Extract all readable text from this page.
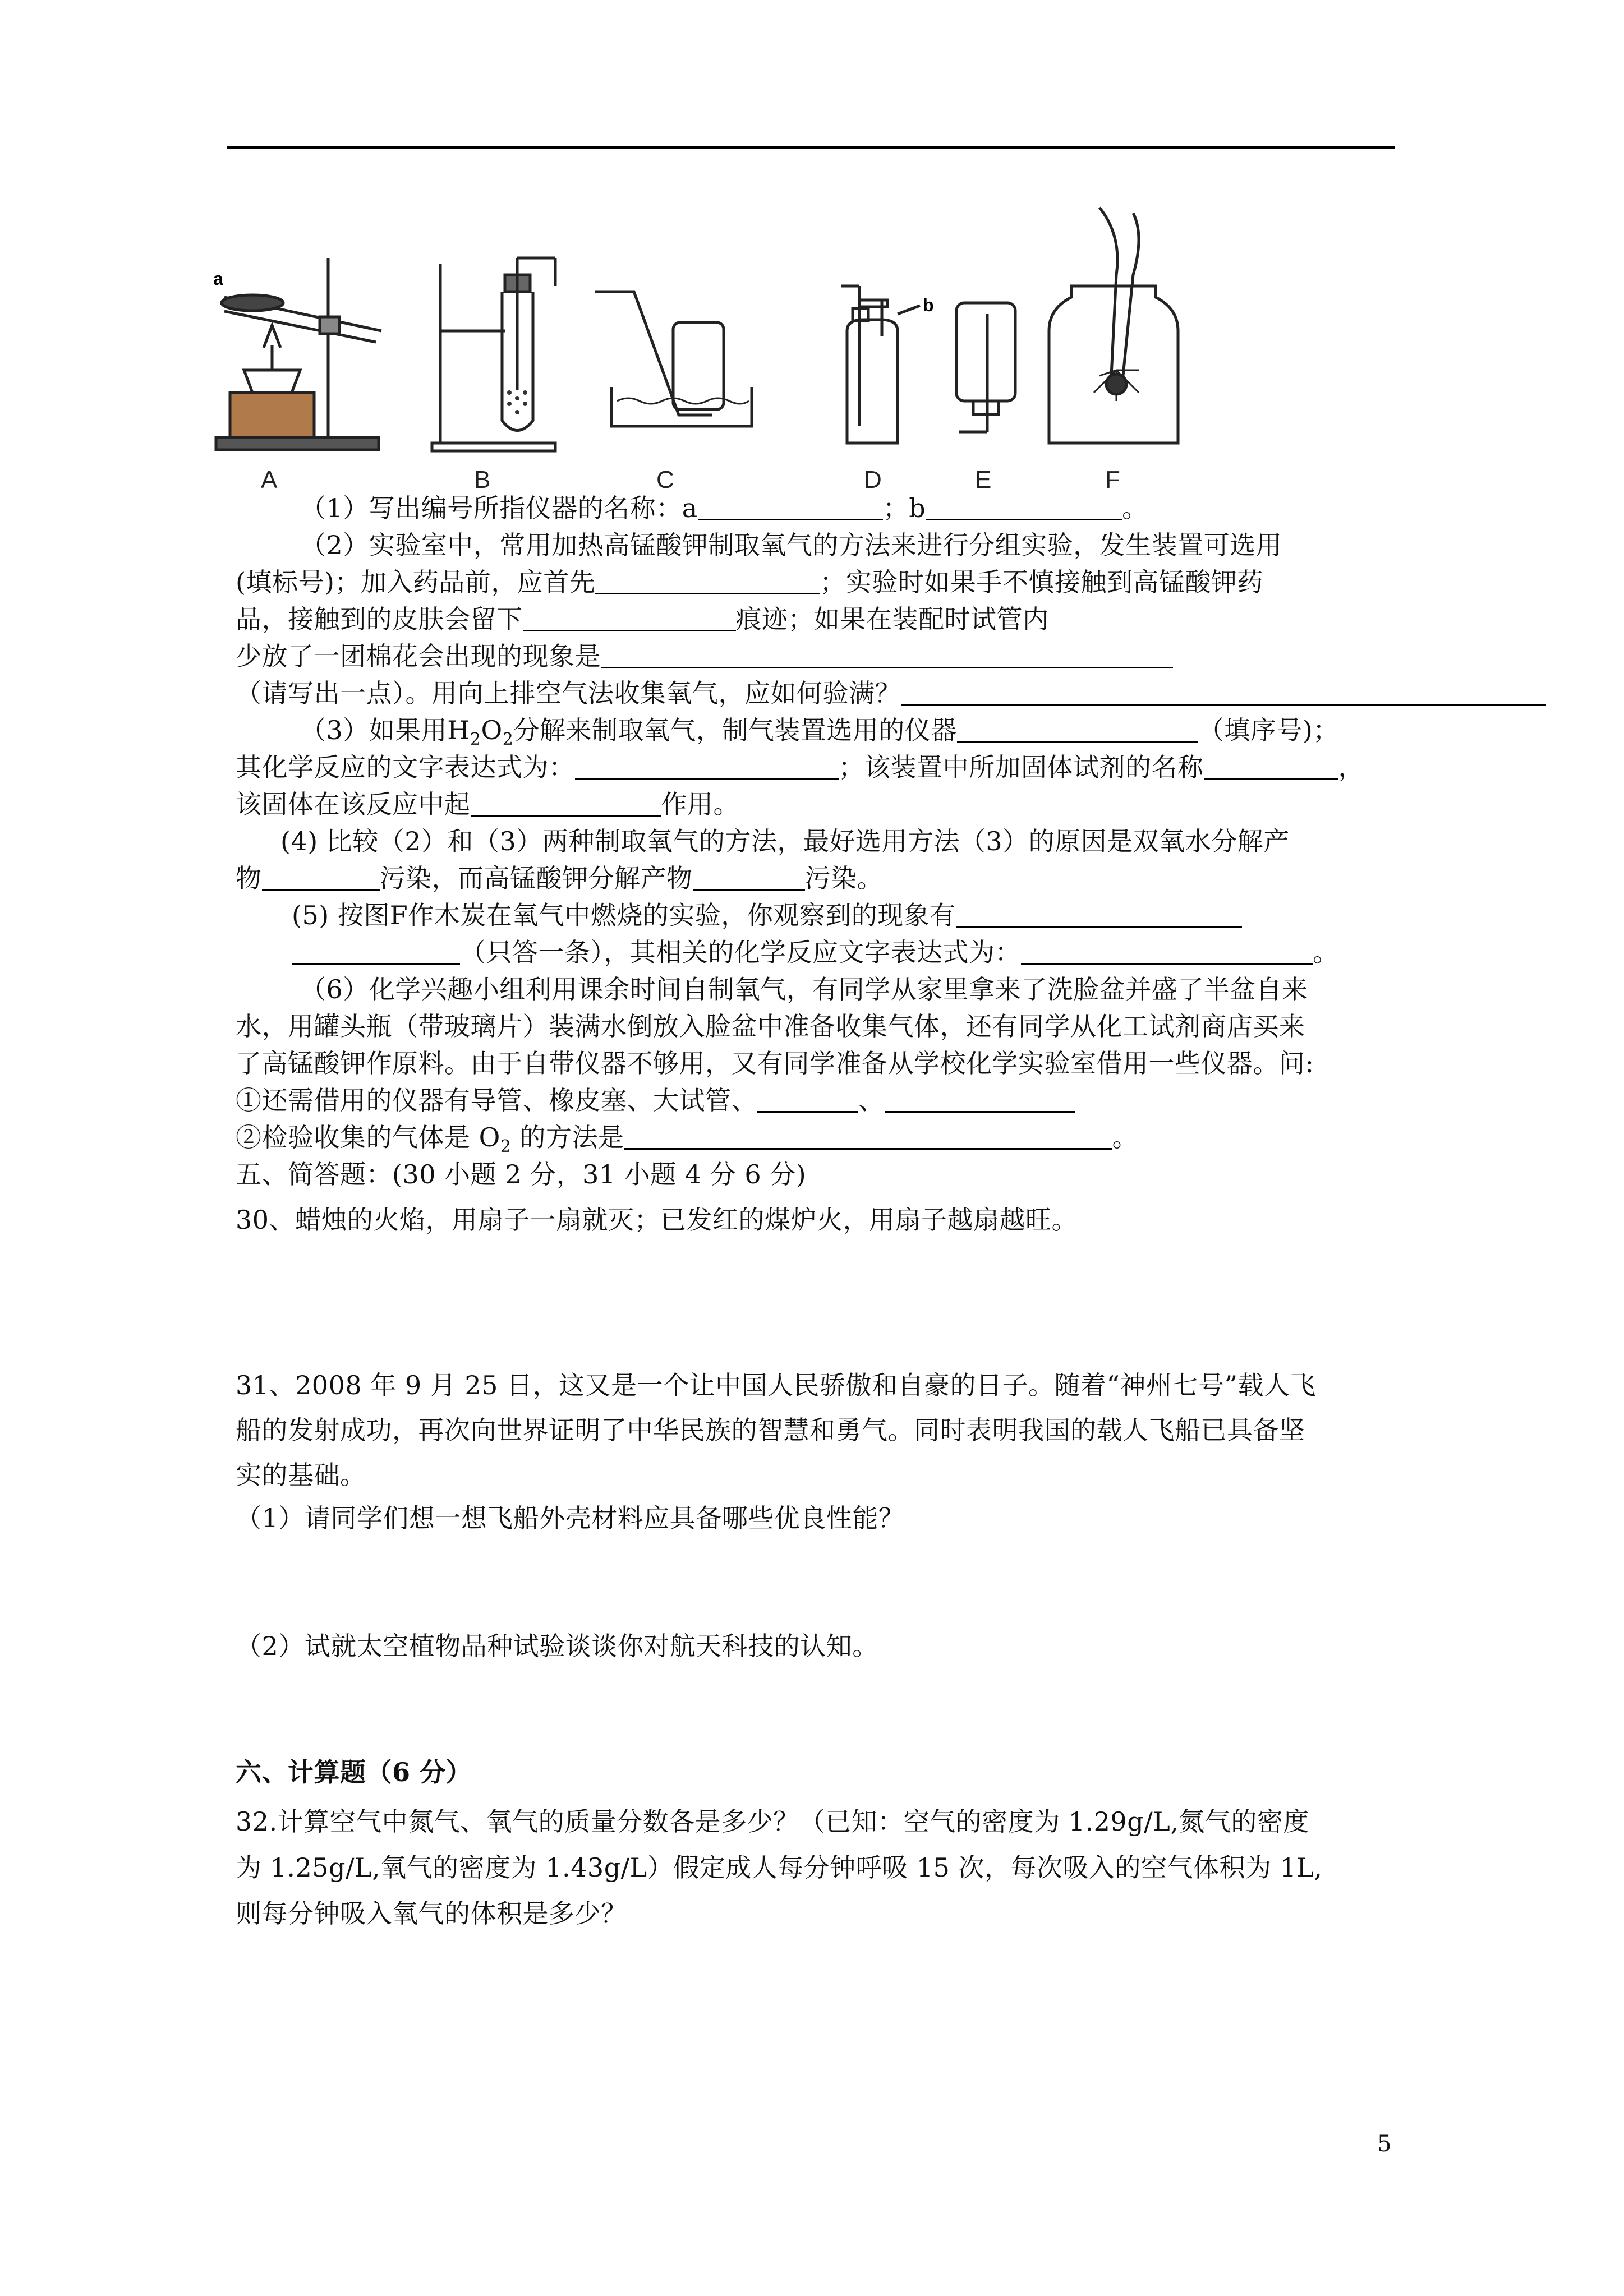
a
b
A	B	C	D	E	F
（1）写出编号所指仪器的名称：a	；b	。
（2）实验室中，常用加热高锰酸钾制取氧气的方法来进行分组实验，发生装置可选用
(填标号)；加入药品前，应首先	；实验时如果手不慎接触到高锰酸钾药
品，接触到的皮肤会留下	痕迹；如果在装配时试管内
少放了一团棉花会出现的现象是
（请写出一点）。用向上排空气法收集氧气，应如何验满？
（3）如果用$H_2O_2$分解来制取氧气，制气装置选用的仪器	（填序号)；
其化学反应的文字表达式为：	；该装置中所加固体试剂的名称	，
该固体在该反应中起	作用。
(4) 比较（2）和（3）两种制取氧气的方法，最好选用方法（3）的原因是双氧水分解产
物	污染，而高锰酸钾分解产物	污染。
(5) 按图F作木炭在氧气中燃烧的实验，你观察到的现象有
（只答一条），其相关的化学反应文字表达式为：	。
（6）化学兴趣小组利用课余时间自制氧气，有同学从家里拿来了洗脸盆并盛了半盆自来
水，用罐头瓶（带玻璃片）装满水倒放入脸盆中准备收集气体，还有同学从化工试剂商店买来
了高锰酸钾作原料。由于自带仪器不够用，又有同学准备从学校化学实验室借用一些仪器。问:
①还需借用的仪器有导管、橡皮塞、大试管、	、
②检验收集的气体是 $O_2$ 的方法是	。
五、简答题：(30 小题 2 分，31 小题 4 分 6 分)
30、蜡烛的火焰，用扇子一扇就灭；已发红的煤炉火，用扇子越扇越旺。
31、2008 年 9 月 25 日，这又是一个让中国人民骄傲和自豪的日子。随着“神州七号”载人飞
船的发射成功，再次向世界证明了中华民族的智慧和勇气。同时表明我国的载人飞船已具备坚
实的基础。
（1）请同学们想一想飞船外壳材料应具备哪些优良性能？
（2）试就太空植物品种试验谈谈你对航天科技的认知。
六、计算题（6 分）
32.计算空气中氮气、氧气的质量分数各是多少？（已知：空气的密度为 1.29g/L,氮气的密度
为 1.25g/L,氧气的密度为 1.43g/L）假定成人每分钟呼吸 15 次，每次吸入的空气体积为 1L,
则每分钟吸入氧气的体积是多少？
5
